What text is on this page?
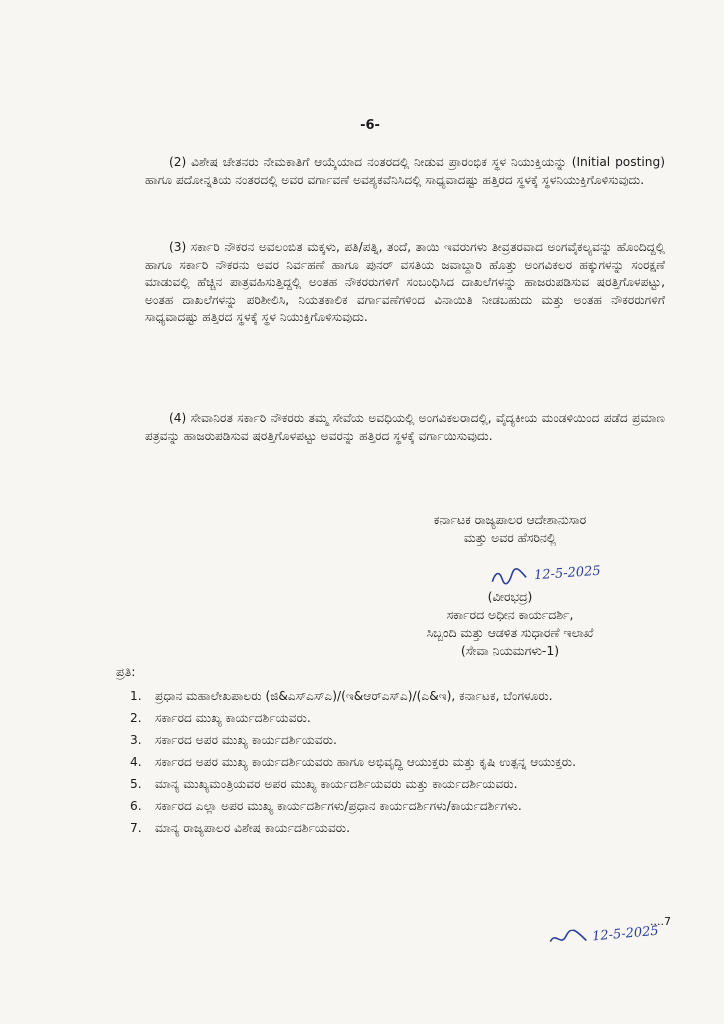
-6-
(2) ವಿಶೇಷ ಚೇತನರು ನೇಮಕಾತಿಗೆ ಆಯ್ಕೆಯಾದ ನಂತರದಲ್ಲಿ ನೀಡುವ ಪ್ರಾರಂಭಿಕ ಸ್ಥಳ ನಿಯುಕ್ತಿಯನ್ನು (Initial posting) ಹಾಗೂ ಪದೋನ್ನತಿಯ ನಂತರದಲ್ಲಿ ಅವರ ವರ್ಗಾವಣೆ ಅವಶ್ಯಕವೆನಿಸಿದಲ್ಲಿ ಸಾಧ್ಯವಾದಷ್ಟು ಹತ್ತಿರದ ಸ್ಥಳಕ್ಕೆ ಸ್ಥಳನಿಯುಕ್ತಿಗೊಳಿಸುವುದು.
(3) ಸರ್ಕಾರಿ ನೌಕರನ ಅವಲಂಬಿತ ಮಕ್ಕಳು, ಪತಿ/ಪತ್ನಿ, ತಂದೆ, ತಾಯಿ ಇವರುಗಳು ತೀವ್ರತರವಾದ ಅಂಗವೈಕಲ್ಯವನ್ನು ಹೊಂದಿದ್ದಲ್ಲಿ ಹಾಗೂ ಸರ್ಕಾರಿ ನೌಕರನು ಅವರ ನಿರ್ವಹಣೆ ಹಾಗೂ ಪುನರ್ ವಸತಿಯ ಜವಾಬ್ದಾರಿ ಹೊತ್ತು ಅಂಗವಿಕಲರ ಹಕ್ಕುಗಳನ್ನು ಸಂರಕ್ಷಣೆ ಮಾಡುವಲ್ಲಿ ಹೆಚ್ಚಿನ ಪಾತ್ರವಹಿಸುತ್ತಿದ್ದಲ್ಲಿ ಅಂತಹ ನೌಕರರುಗಳಿಗೆ ಸಂಬಂಧಿಸಿದ ದಾಖಲೆಗಳನ್ನು ಹಾಜರುಪಡಿಸುವ ಷರತ್ತಿಗೊಳಪಟ್ಟು, ಅಂತಹ ದಾಖಲೆಗಳನ್ನು ಪರಿಶೀಲಿಸಿ, ನಿಯತಕಾಲಿಕ ವರ್ಗಾವಣೆಗಳಿಂದ ವಿನಾಯಿತಿ ನೀಡಬಹುದು ಮತ್ತು ಅಂತಹ ನೌಕರರುಗಳಿಗೆ ಸಾಧ್ಯವಾದಷ್ಟು ಹತ್ತಿರದ ಸ್ಥಳಕ್ಕೆ ಸ್ಥಳ ನಿಯುಕ್ತಿಗೊಳಿಸುವುದು.
(4) ಸೇವಾನಿರತ ಸರ್ಕಾರಿ ನೌಕರರು ತಮ್ಮ ಸೇವೆಯ ಅವಧಿಯಲ್ಲಿ ಅಂಗವಿಕಲರಾದಲ್ಲಿ, ವೈದ್ಯಕೀಯ ಮಂಡಳಿಯಿಂದ ಪಡೆದ ಪ್ರಮಾಣ ಪತ್ರವನ್ನು ಹಾಜರುಪಡಿಸುವ ಷರತ್ತಿಗೊಳಪಟ್ಟು ಅವರನ್ನು ಹತ್ತಿರದ ಸ್ಥಳಕ್ಕೆ ವರ್ಗಾಯಿಸುವುದು.
ಕರ್ನಾಟಕ ರಾಜ್ಯಪಾಲರ ಆದೇಶಾನುಸಾರ
ಮತ್ತು ಅವರ ಹೆಸರಿನಲ್ಲಿ
12-5-2025
(ವೀರಭದ್ರ)
ಸರ್ಕಾರದ ಅಧೀನ ಕಾರ್ಯದರ್ಶಿ,
ಸಿಬ್ಬಂದಿ ಮತ್ತು ಆಡಳಿತ ಸುಧಾರಣೆ ಇಲಾಖೆ
(ಸೇವಾ ನಿಯಮಗಳು-1)
ಪ್ರತಿ:
1. ಪ್ರಧಾನ ಮಹಾಲೇಖಪಾಲರು (ಜಿ&ಎಸ್‌ಎಸ್‌ಎ)/(ಇ&ಆರ್‌ಎಸ್‌ಎ)/(ಎ&ಇ), ಕರ್ನಾಟಕ, ಬೆಂಗಳೂರು.
2. ಸರ್ಕಾರದ ಮುಖ್ಯ ಕಾರ್ಯದರ್ಶಿಯವರು.
3. ಸರ್ಕಾರದ ಅಪರ ಮುಖ್ಯ ಕಾರ್ಯದರ್ಶಿಯವರು.
4. ಸರ್ಕಾರದ ಅಪರ ಮುಖ್ಯ ಕಾರ್ಯದರ್ಶಿಯವರು ಹಾಗೂ ಅಭಿವೃದ್ಧಿ ಆಯುಕ್ತರು ಮತ್ತು ಕೃಷಿ ಉತ್ಪನ್ನ ಆಯುಕ್ತರು.
5. ಮಾನ್ಯ ಮುಖ್ಯಮಂತ್ರಿಯವರ ಅಪರ ಮುಖ್ಯ ಕಾರ್ಯದರ್ಶಿಯವರು ಮತ್ತು ಕಾರ್ಯದರ್ಶಿಯವರು.
6. ಸರ್ಕಾರದ ಎಲ್ಲಾ ಅಪರ ಮುಖ್ಯ ಕಾರ್ಯದರ್ಶಿಗಳು/ಪ್ರಧಾನ ಕಾರ್ಯದರ್ಶಿಗಳು/ಕಾರ್ಯದರ್ಶಿಗಳು.
7. ಮಾನ್ಯ ರಾಜ್ಯಪಾಲರ ವಿಶೇಷ ಕಾರ್ಯದರ್ಶಿಯವರು.
....7
12-5-2025
